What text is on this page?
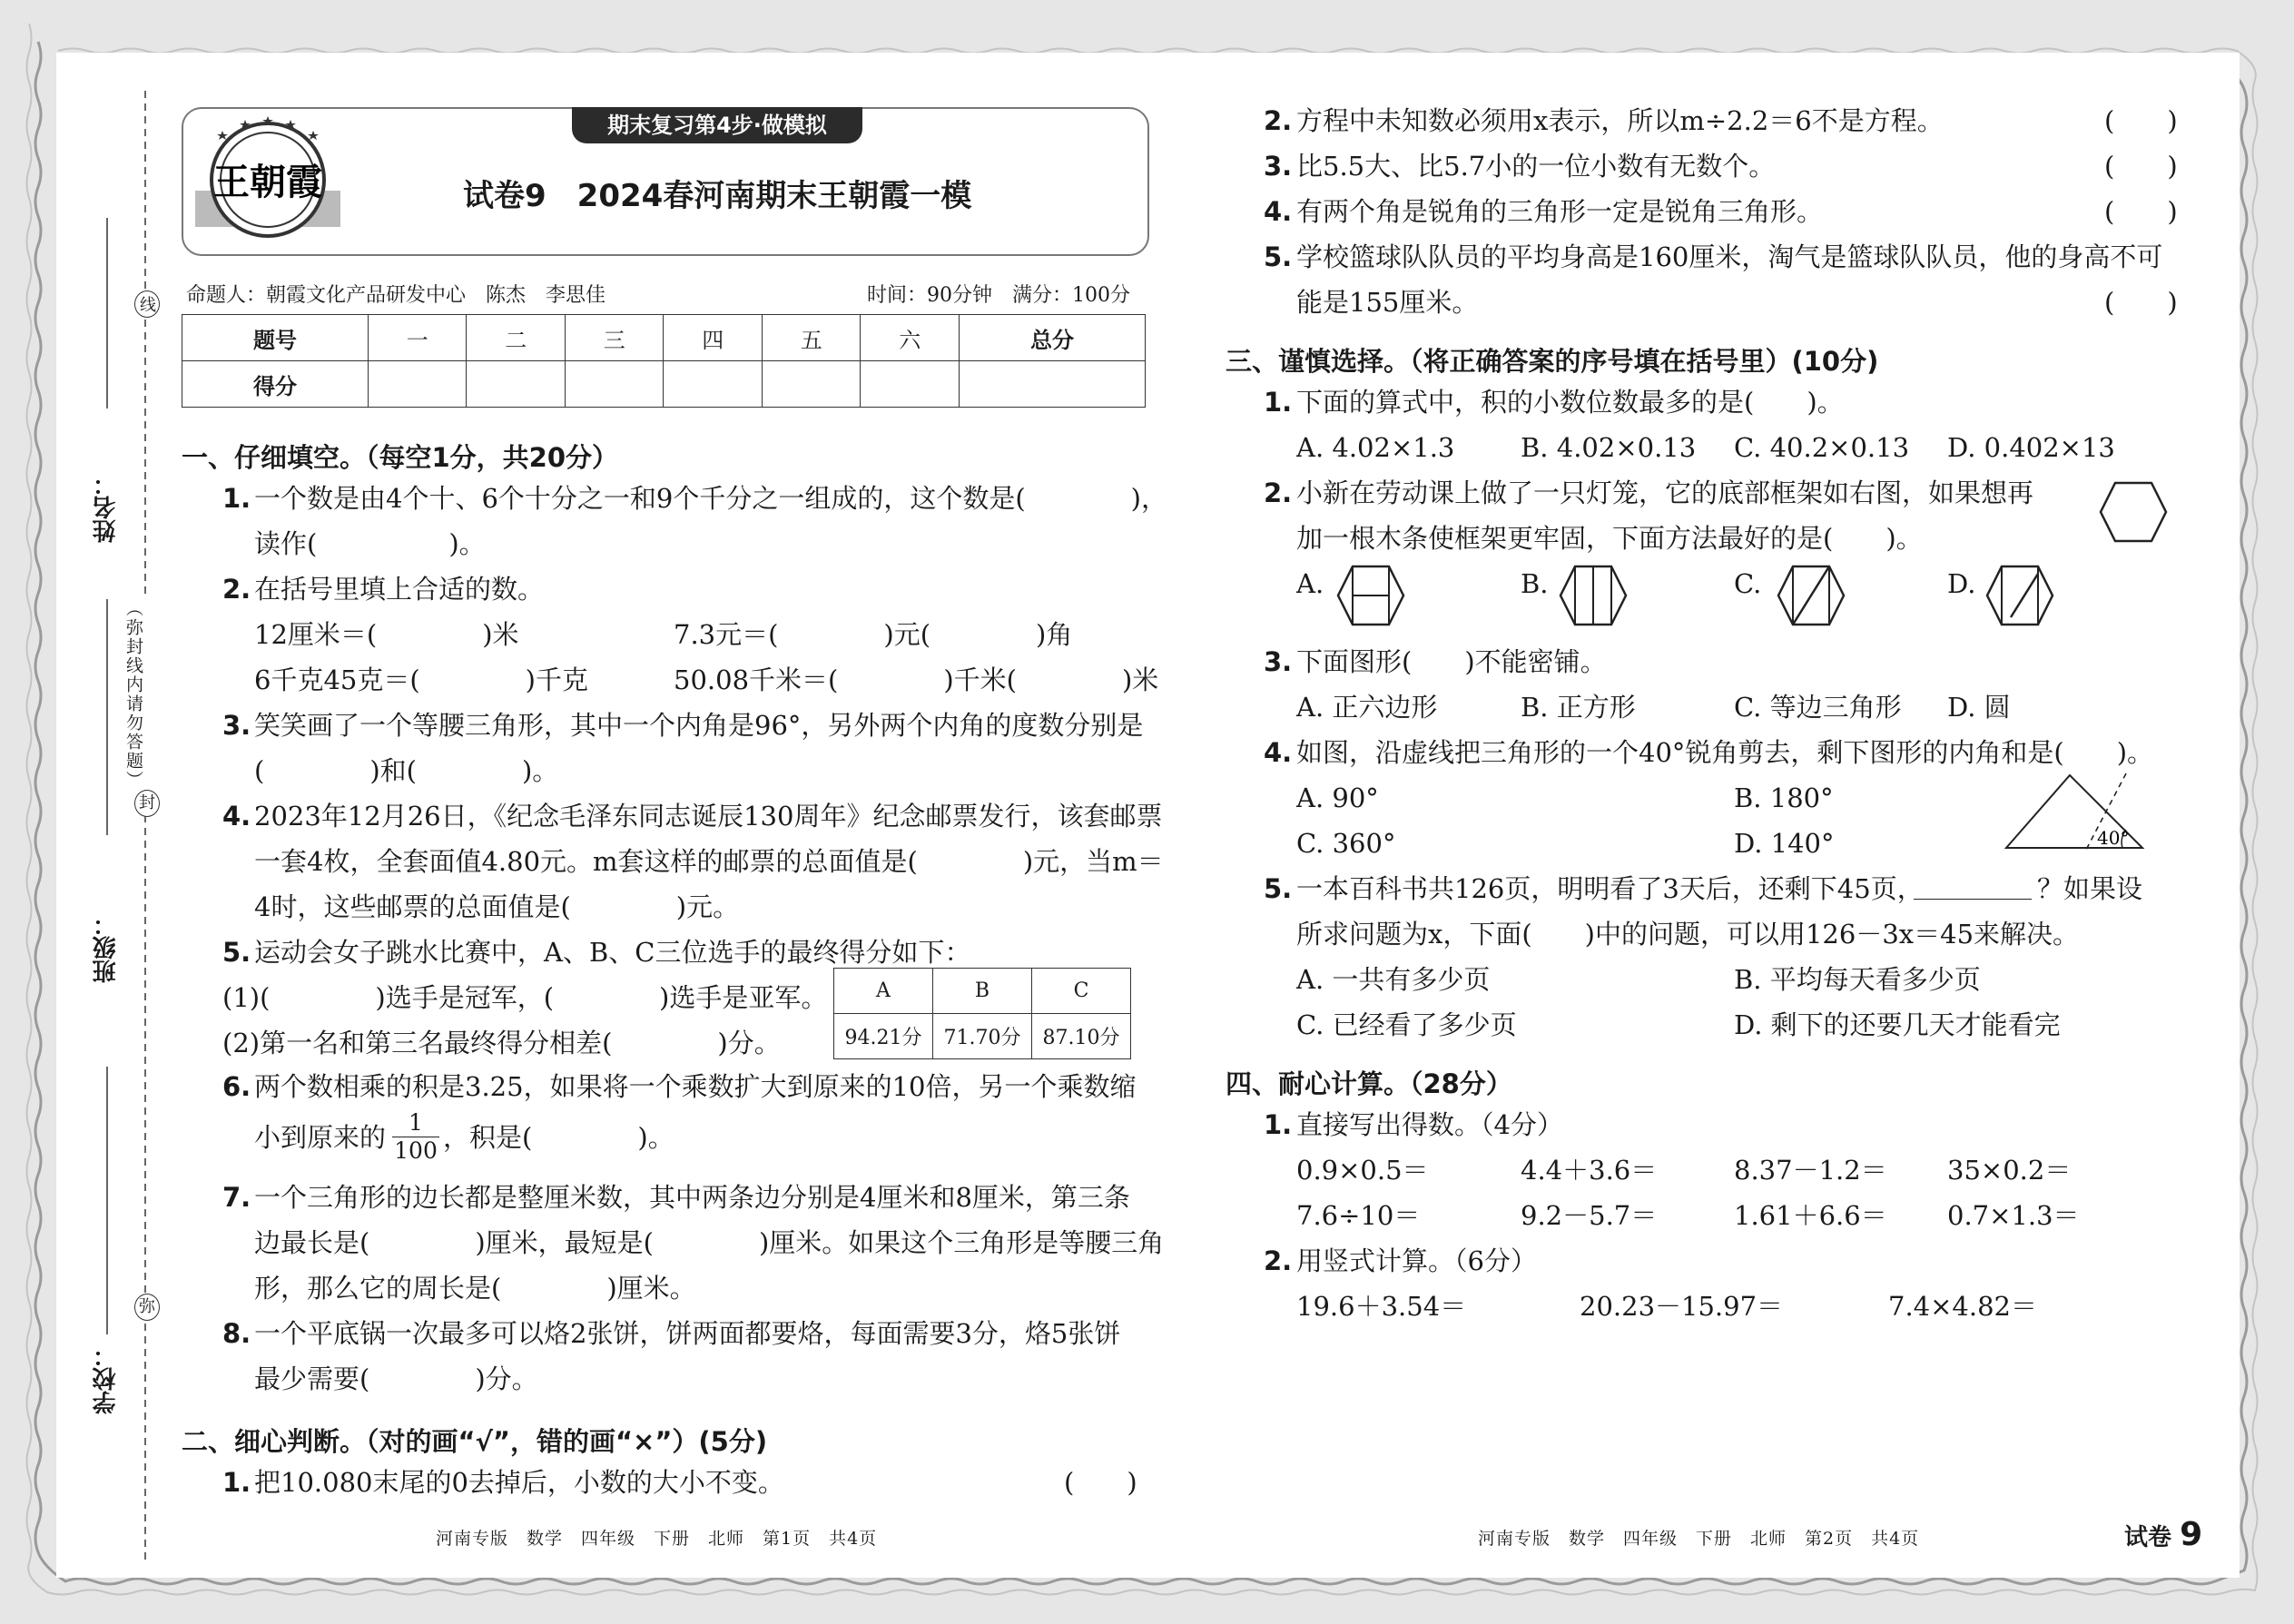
姓名：
班级：
学校：
线
封
弥
（弥封线内请勿答题）
王朝霞
期末复习第4步·做模拟
试卷9　2024春河南期末王朝霞一模
命题人：朝霞文化产品研发中心　陈杰　李思佳	时间：90分钟　满分：100分
题号	一	二	三	四	五	六	总分
得分							
一、仔细填空。（每空1分，共20分）
1. 一个数是由4个十、6个十分之一和9个千分之一组成的，这个数是(　　　　)，
读作(　　　　　)。
2. 在括号里填上合适的数。
12厘米＝(　　　　)米	7.3元＝(　　　　)元(　　　　)角
6千克45克＝(　　　　)千克	50.08千米＝(　　　　)千米(　　　　)米
3. 笑笑画了一个等腰三角形，其中一个内角是96°，另外两个内角的度数分别是
(　　　　)和(　　　　)。
4. 2023年12月26日，《纪念毛泽东同志诞辰130周年》纪念邮票发行，该套邮票
一套4枚，全套面值4.80元。m套这样的邮票的总面值是(　　　　)元，当m＝
4时，这些邮票的总面值是(　　　　)元。
5. 运动会女子跳水比赛中，A、B、C三位选手的最终得分如下：
(1)(　　　　)选手是冠军，(　　　　)选手是亚军。
(2)第一名和第三名最终得分相差(　　　　)分。
A	B	C
94.21分	71.70分	87.10分
6. 两个数相乘的积是3.25，如果将一个乘数扩大到原来的10倍，另一个乘数缩
小到原来的 $\frac{1}{100}$ ，积是(　　　　)。
7. 一个三角形的边长都是整厘米数，其中两条边分别是4厘米和8厘米，第三条
边最长是(　　　　)厘米，最短是(　　　　)厘米。如果这个三角形是等腰三角
形，那么它的周长是(　　　　)厘米。
8. 一个平底锅一次最多可以烙2张饼，饼两面都要烙，每面需要3分，烙5张饼
最少需要(　　　　)分。
二、细心判断。（对的画“√”，错的画“×”）(5分)
1. 把10.080末尾的0去掉后，小数的大小不变。	(　　)
2. 方程中未知数必须用x表示，所以m÷2.2＝6不是方程。	(　　)
3. 比5.5大、比5.7小的一位小数有无数个。	(　　)
4. 有两个角是锐角的三角形一定是锐角三角形。	(　　)
5. 学校篮球队队员的平均身高是160厘米，淘气是篮球队队员，他的身高不可
能是155厘米。	(　　)
三、谨慎选择。（将正确答案的序号填在括号里）(10分)
1. 下面的算式中，积的小数位数最多的是(　　)。
A. 4.02×1.3	B. 4.02×0.13 C. 40.2×0.13 D. 0.402×13
2. 小新在劳动课上做了一只灯笼，它的底部框架如右图，如果想再
加一根木条使框架更牢固，下面方法最好的是(　　)。
A.	B.	C.	D.
3. 下面图形(　　)不能密铺。
A. 正六边形	B. 正方形	C. 等边三角形 D. 圆
4. 如图，沿虚线把三角形的一个40°锐角剪去，剩下图形的内角和是(　　)。
A. 90°	B. 180°
C. 360°	D. 140°	40°
5. 一本百科书共126页，明明看了3天后，还剩下45页，	？如果设
所求问题为x，下面(　　)中的问题，可以用126－3x＝45来解决。
A. 一共有多少页	B. 平均每天看多少页
C. 已经看了多少页	D. 剩下的还要几天才能看完
四、耐心计算。（28分）
1. 直接写出得数。（4分）
0.9×0.5＝	4.4＋3.6＝	8.37－1.2＝ 35×0.2＝
7.6÷10＝	9.2－5.7＝	1.61＋6.6＝ 0.7×1.3＝
2. 用竖式计算。（6分）
19.6＋3.54＝	20.23－15.97＝	7.4×4.82＝
河南专版　数学　四年级　下册　北师　第1页　共4页	河南专版　数学　四年级　下册　北师　第2页　共4页	试卷 9
